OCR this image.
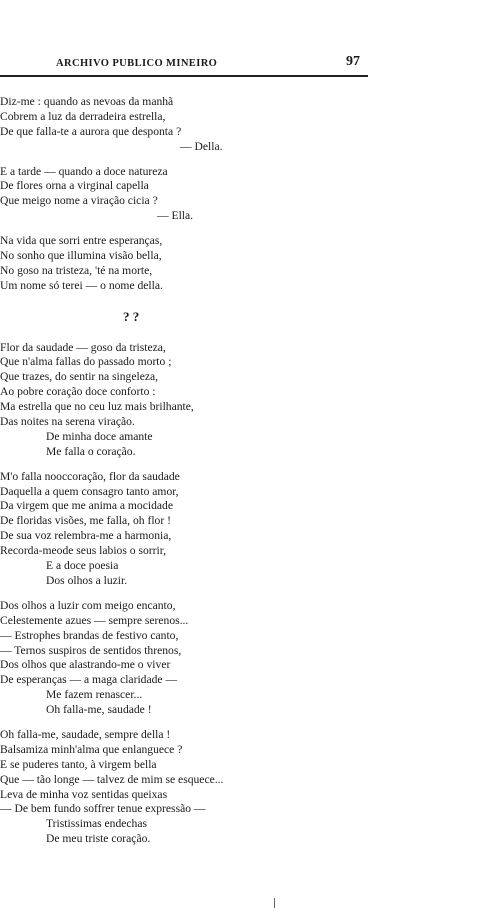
ARCHIVO PUBLICO MINEIRO	97
Diz-me : quando as nevoas da manhã
Cobrem a luz da derradeira estrella,
De que falla-te a aurora que desponta ?
— Della.
E a tarde — quando a doce natureza
De flores orna a virginal capella
Que meigo nome a viração cicia ?
— Ella.
Na vida que sorri entre esperanças,
No sonho que illumina visão bella,
No goso na tristeza, 'té na morte,
Um nome só terei — o nome della.
? ?
Flor da saudade — goso da tristeza,
Que n'alma fallas do passado morto ;
Que trazes, do sentir na singeleza,
Ao pobre coração doce conforto :
Ma estrella que no ceu luz mais brilhante,
Das noites na serena viração.
De minha doce amante
Me falla o coração.
M'o falla nooccoração, flor da saudade
Daquella a quem consagro tanto amor,
Da virgem que me anima a mocidade
De floridas visões, me falla, oh flor !
De sua voz relembra-me a harmonia,
Recorda-meode seus labios o sorrir,
E a doce poesia
Dos olhos a luzir.
Dos olhos a luzir com meigo encanto,
Celestemente azues — sempre serenos...
— Estrophes brandas de festivo canto,
— Ternos suspiros de sentidos threnos,
Dos olhos que alastrando-me o viver
De esperanças — a maga claridade —
Me fazem renascer...
Oh falla-me, saudade !
Oh falla-me, saudade, sempre della !
Balsamiza minh'alma que enlanguece ?
E se puderes tanto, à virgem bella
Que — tão longe — talvez de mim se esquece...
Leva de minha voz sentidas queixas
— De bem fundo soffrer tenue expressão —
Tristissimas endechas
De meu triste coração.
